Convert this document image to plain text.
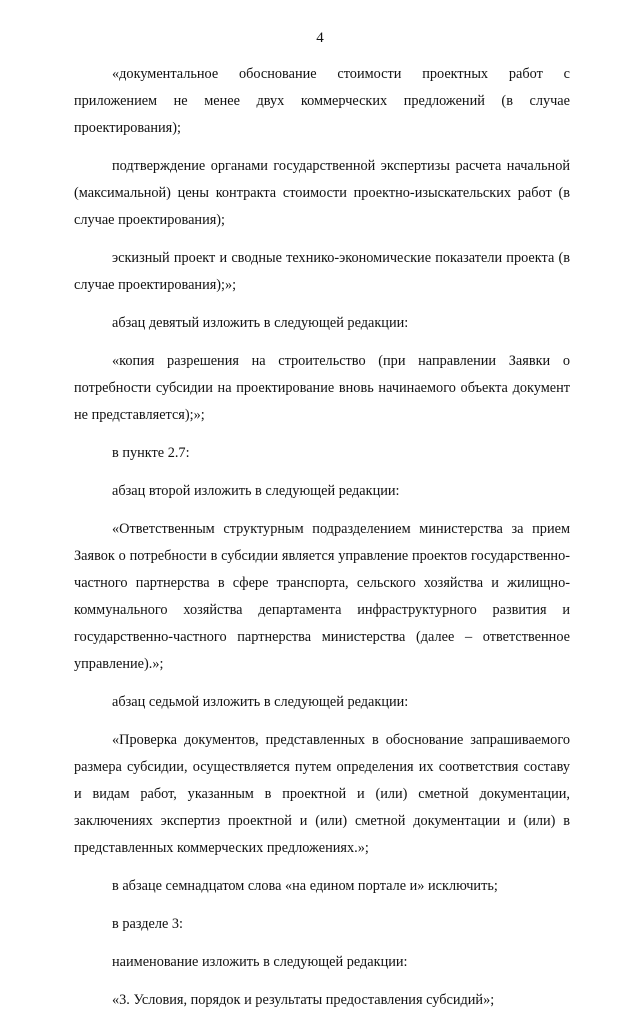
4

«документальное обоснование стоимости проектных работ с приложением не менее двух коммерческих предложений (в случае проектирования);

подтверждение органами государственной экспертизы расчета начальной (максимальной) цены контракта стоимости проектно-изыскательских работ (в случае проектирования);

эскизный проект и сводные технико-экономические показатели проекта (в случае проектирования);»;

абзац девятый изложить в следующей редакции:

«копия разрешения на строительство (при направлении Заявки о потребности субсидии на проектирование вновь начинаемого объекта документ не представляется);»;

в пункте 2.7:

абзац второй изложить в следующей редакции:

«Ответственным структурным подразделением министерства за прием Заявок о потребности в субсидии является управление проектов государственно-частного партнерства в сфере транспорта, сельского хозяйства и жилищно-коммунального хозяйства департамента инфраструктурного развития и государственно-частного партнерства министерства (далее – ответственное управление).»;

абзац седьмой изложить в следующей редакции:

«Проверка документов, представленных в обоснование запрашиваемого размера субсидии, осуществляется путем определения их соответствия составу и видам работ, указанным в проектной и (или) сметной документации, заключениях экспертиз проектной и (или) сметной документации и (или) в представленных коммерческих предложениях.»;

в абзаце семнадцатом слова «на едином портале и» исключить;

в разделе 3:

наименование изложить в следующей редакции:

«3. Условия, порядок и результаты предоставления субсидий»;
